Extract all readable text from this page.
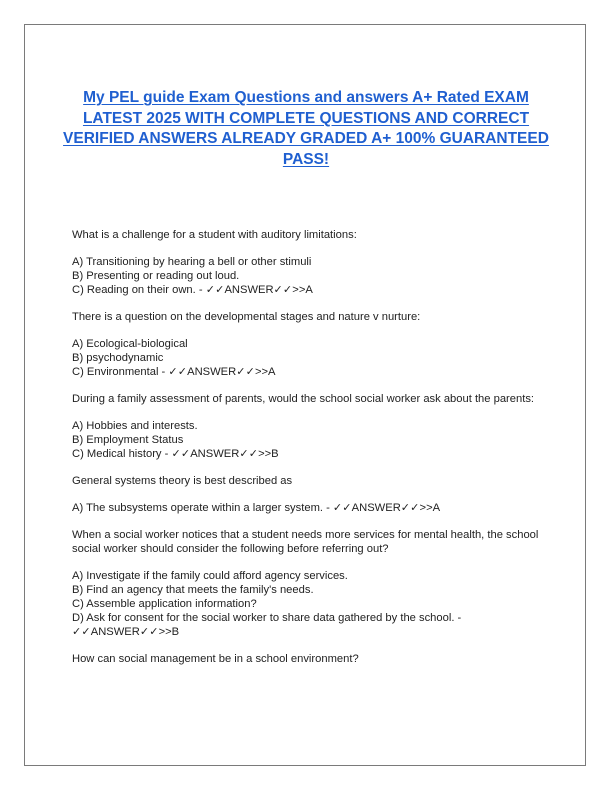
My PEL guide Exam Questions and answers A+ Rated EXAM LATEST 2025 WITH COMPLETE QUESTIONS AND CORRECT VERIFIED ANSWERS ALREADY GRADED A+ 100% GUARANTEED PASS!

What is a challenge for a student with auditory limitations:

A) Transitioning by hearing a bell or other stimuli
B) Presenting or reading out loud.
C) Reading on their own. - ✓✓ANSWER✓✓>>A

There is a question on the developmental stages and nature v nurture:

A) Ecological-biological
B) psychodynamic
C) Environmental - ✓✓ANSWER✓✓>>A

During a family assessment of parents, would the school social worker ask about the parents:

A) Hobbies and interests.
B) Employment Status
C) Medical history - ✓✓ANSWER✓✓>>B

General systems theory is best described as

A) The subsystems operate within a larger system. - ✓✓ANSWER✓✓>>A

When a social worker notices that a student needs more services for mental health, the school social worker should consider the following before referring out?

A) Investigate if the family could afford agency services.
B) Find an agency that meets the family's needs.
C) Assemble application information?
D) Ask for consent for the social worker to share data gathered by the school. - ✓✓ANSWER✓✓>>B

How can social management be in a school environment?
